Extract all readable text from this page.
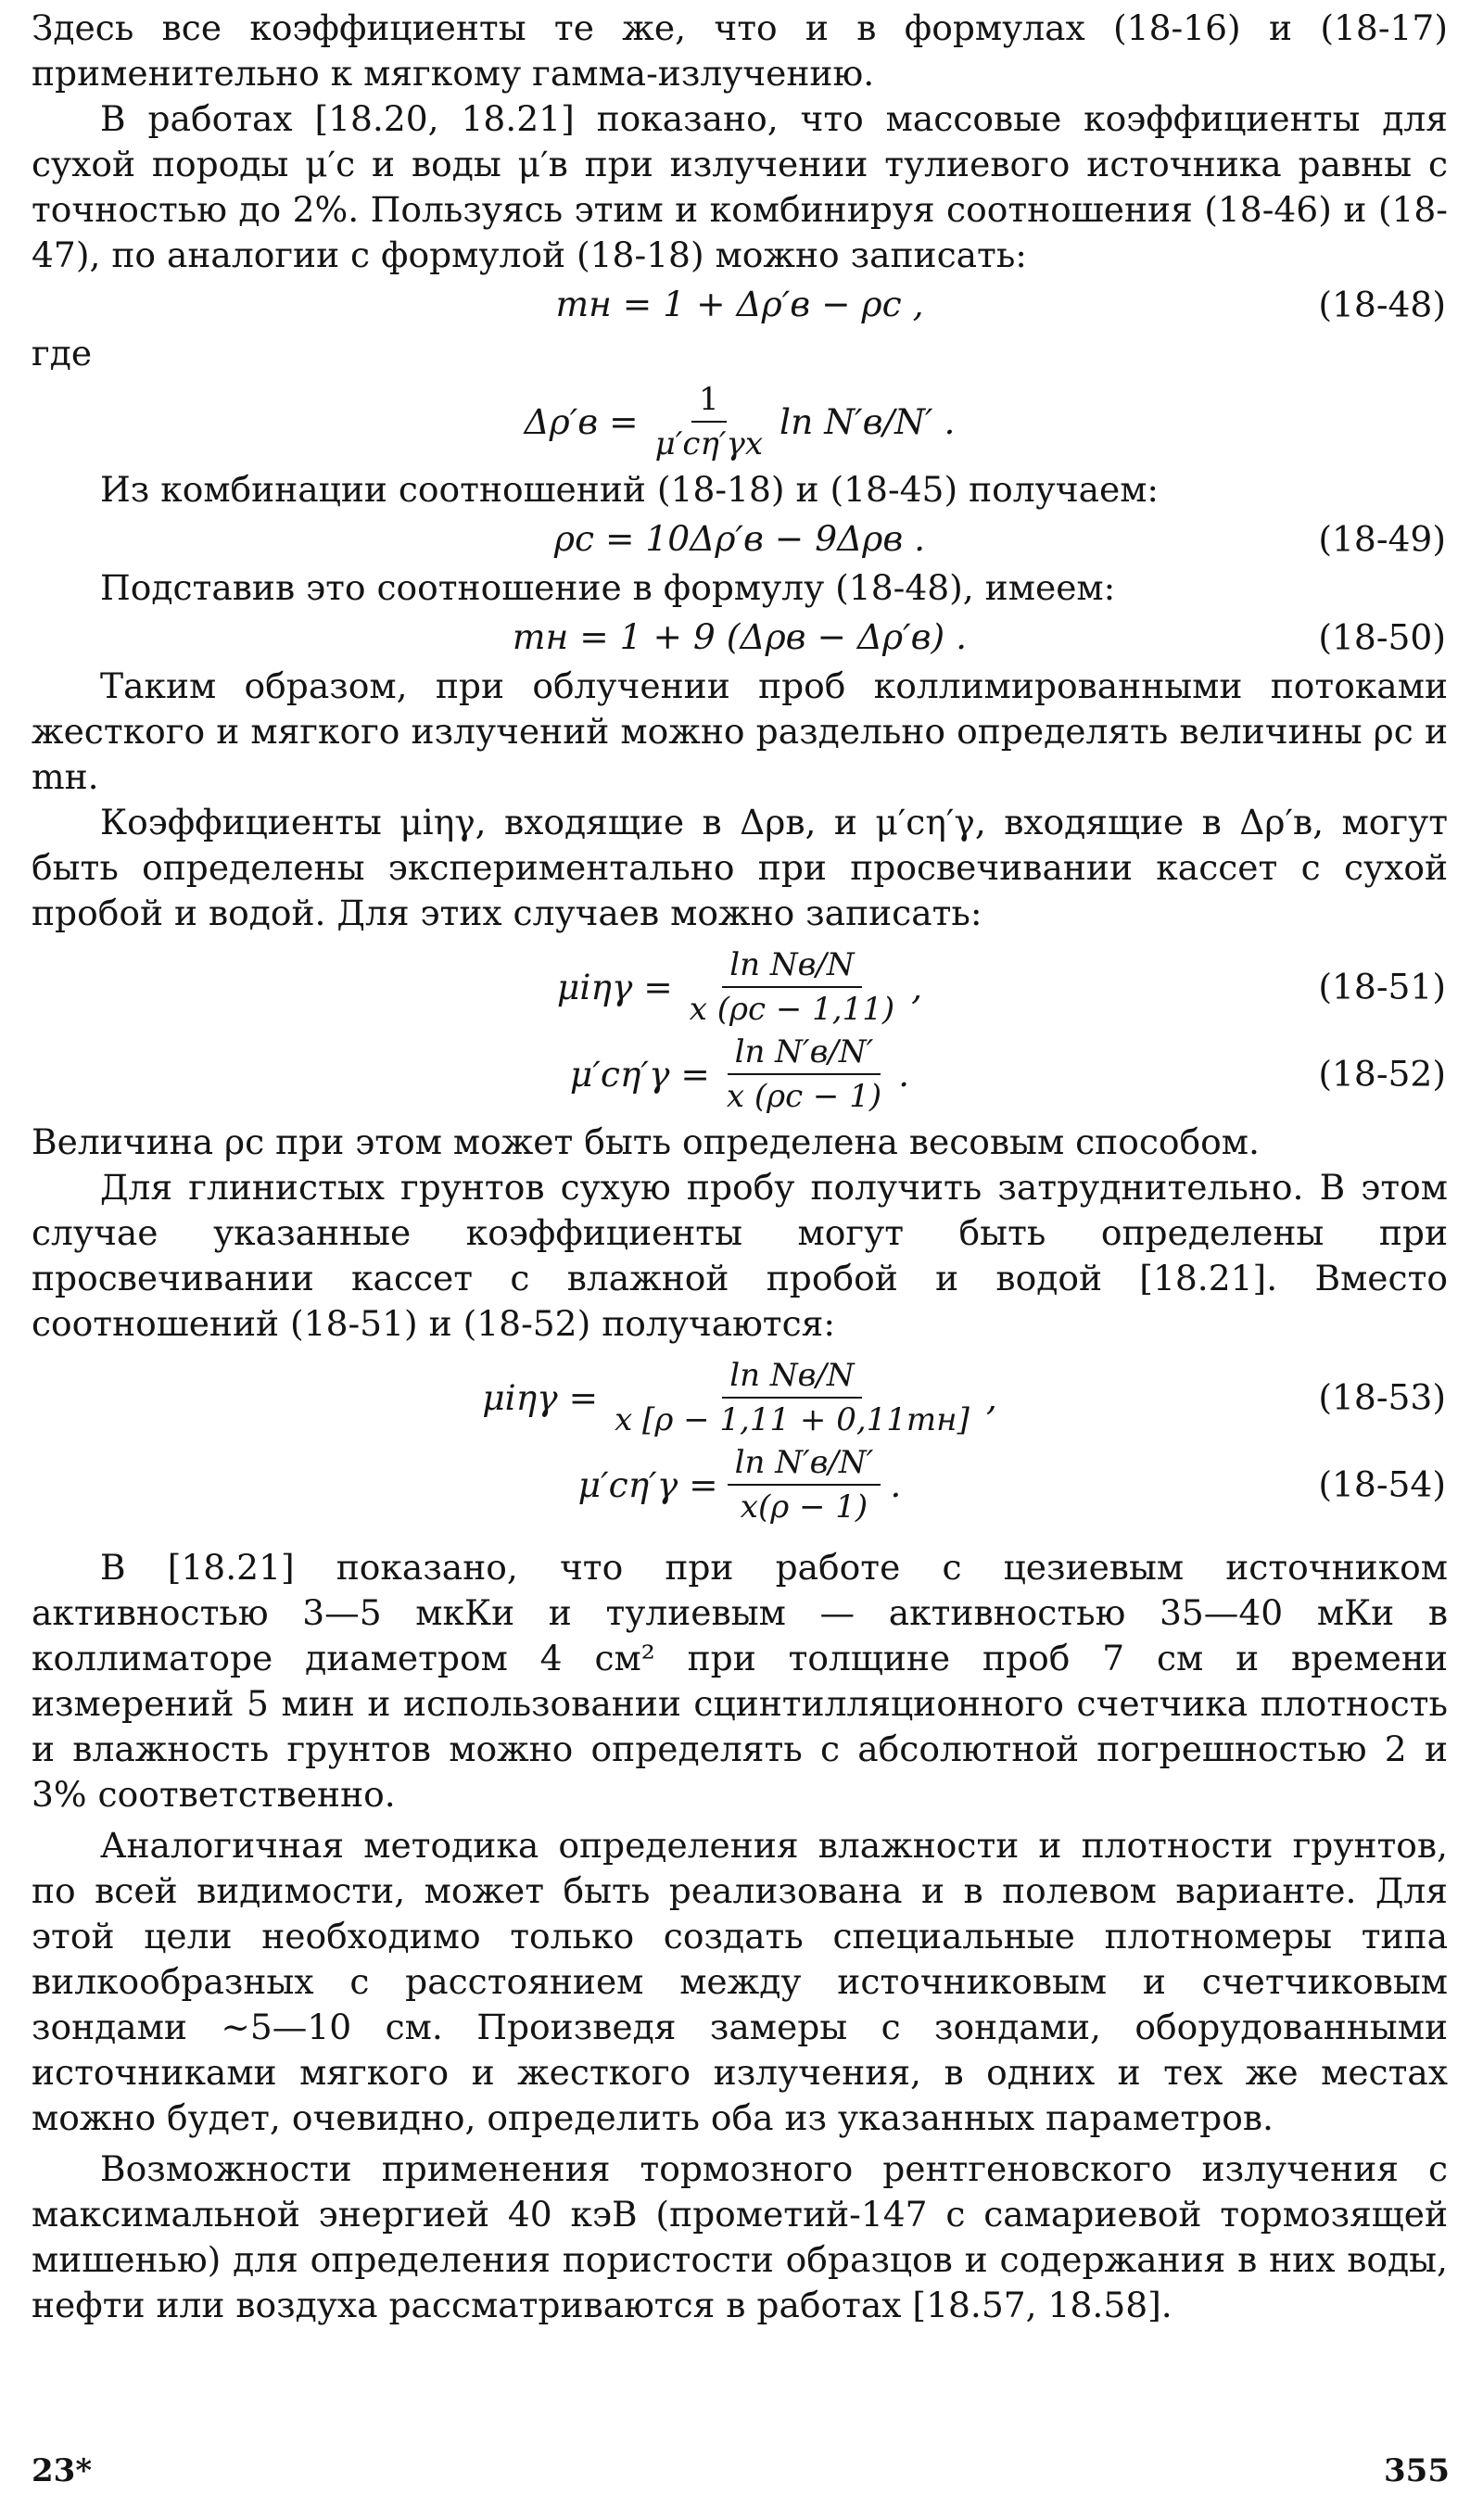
Здесь все коэффициенты те же, что и в формулах (18-16) и (18-17) применительно к мягкому гамма-излучению.

В работах [18.20, 18.21] показано, что массовые коэффициенты для сухой породы μ′с и воды μ′в при излучении тулиевого источника равны с точностью до 2%. Пользуясь этим и комбинируя соотношения (18-46) и (18-47), по аналогии с формулой (18-18) можно записать:

mн = 1 + Δρ′в − ρс ,	(18-48)

где

$\Delta\rho'в = \frac{1}{\mu'с\eta'\gamma x}$ ln N′в/N′ .

Из комбинации соотношений (18-18) и (18-45) получаем:

ρс = 10Δρ′в − 9Δρв .	(18-49)

Подставив это соотношение в формулу (18-48), имеем:

mн = 1 + 9 (Δρв − Δρ′в) .	(18-50)

Таким образом, при облучении проб коллимированными потоками жесткого и мягкого излучений можно раздельно определять величины ρс и mн.

Коэффициенты μiηγ, входящие в Δρв, и μ′сη′γ, входящие в Δρ′в, могут быть определены экспериментально при просвечивании кассет с сухой пробой и водой. Для этих случаев можно записать:

$\mu i\eta\gamma = \frac{\text{ln Nв/N}}{x (\rho с - 1,11)}$ ,	(18-51)
$\mu'с\eta'\gamma = \frac{\text{ln N′в/N′}}{x (\rho с - 1)}$ .	(18-52)

Величина ρс при этом может быть определена весовым способом.

Для глинистых грунтов сухую пробу получить затруднительно. В этом случае указанные коэффициенты могут быть определены при просвечивании кассет с влажной пробой и водой [18.21]. Вместо соотношений (18-51) и (18-52) получаются:

$\mu i\eta\gamma = \frac{\text{ln Nв/N}}{x [\rho - 1,11 + 0,11mн]}$ ,	(18-53)
$\mu'с\eta'\gamma = \frac{\text{ln N′в/N′}}{x(\rho - 1)}$ .	(18-54)

В [18.21] показано, что при работе с цезиевым источником активностью 3—5 мкКи и тулиевым — активностью 35—40 мКи в коллиматоре диаметром 4 см² при толщине проб 7 см и времени измерений 5 мин и использовании сцинтилляционного счетчика плотность и влажность грунтов можно определять с абсолютной погрешностью 2 и 3% соответственно.

Аналогичная методика определения влажности и плотности грунтов, по всей видимости, может быть реализована и в полевом варианте. Для этой цели необходимо только создать специальные плотномеры типа вилкообразных с расстоянием между источниковым и счетчиковым зондами ∼5—10 см. Произведя замеры с зондами, оборудованными источниками мягкого и жесткого излучения, в одних и тех же местах можно будет, очевидно, определить оба из указанных параметров.

Возможности применения тормозного рентгеновского излучения с максимальной энергией 40 кэВ (прометий-147 с самариевой тормозящей мишенью) для определения пористости образцов и содержания в них воды, нефти или воздуха рассматриваются в работах [18.57, 18.58].

23*	355
